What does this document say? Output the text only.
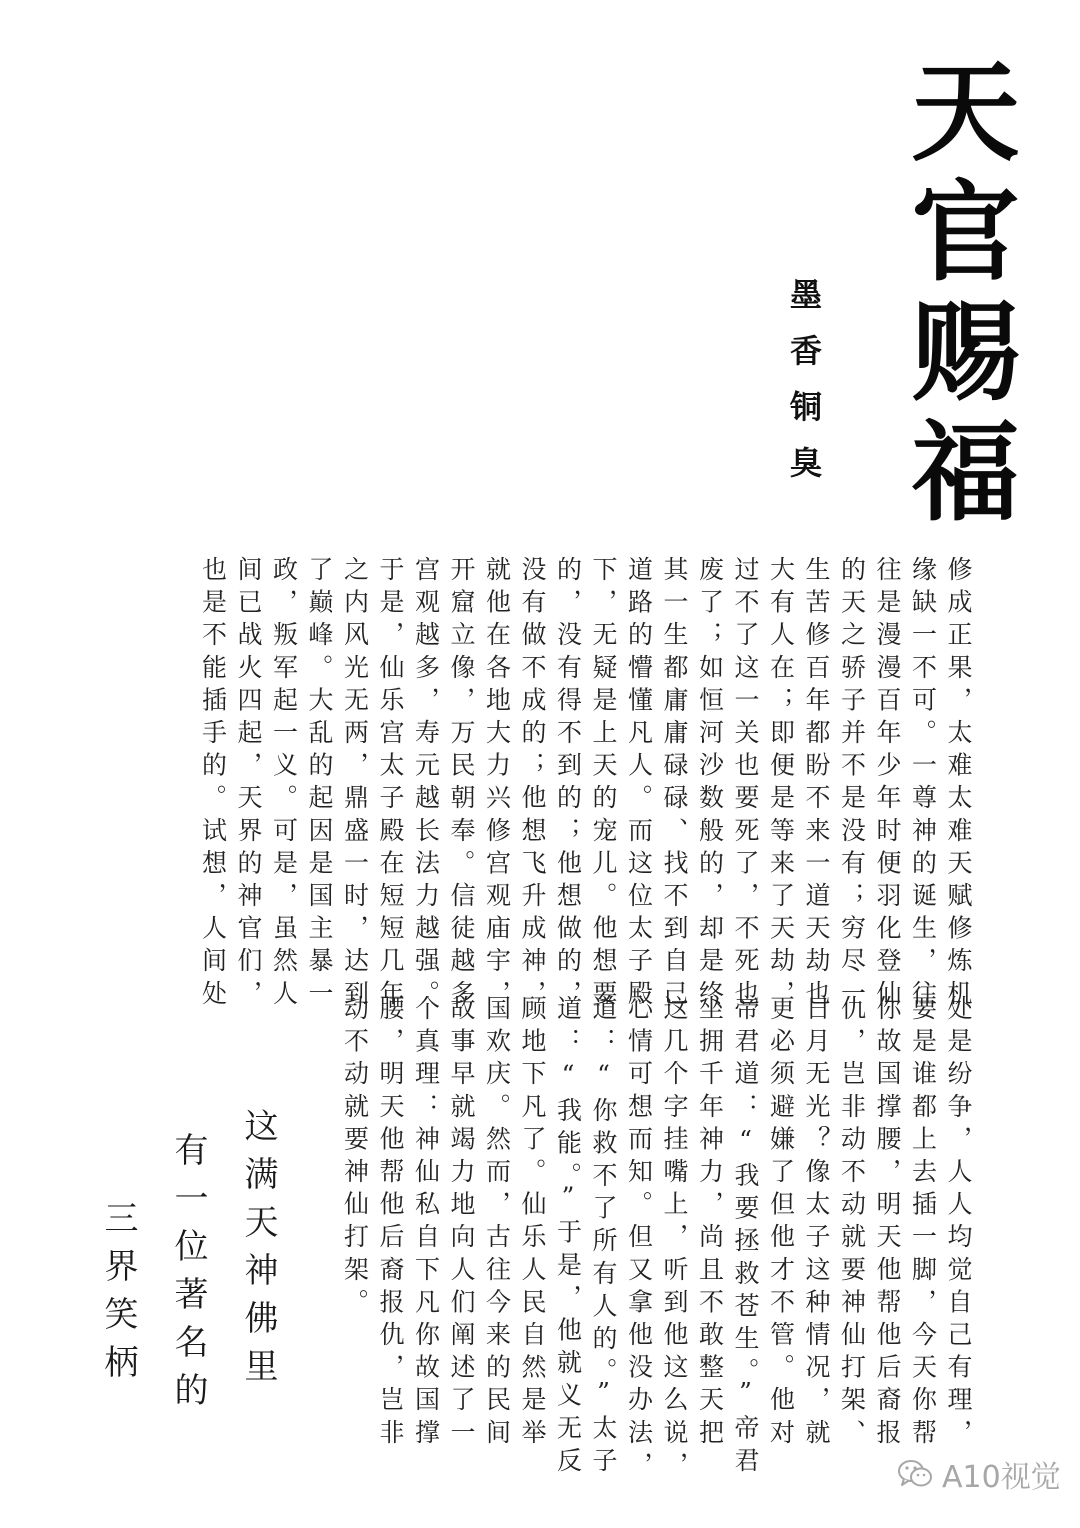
天官赐福
墨香铜臭
修成正果，太难太难天赋修炼机
缘缺一不可。一尊神的诞生，往
往是漫漫百年少年时便羽化登仙
的天之骄子并不是没有；穷尽一
生苦修百年都盼不来一道天劫也
大有人在；即便是等来了天劫，
过不了这一关也要死了，不死也
废了；如恒河沙数般的，却是终
其一生都庸庸碌碌、找不到自己
道路的懵懂凡人。而这位太子殿
下，无疑是上天的宠儿。他想要
的，没有得不到的；他想做的，
没有做不成的；他想飞升成神，
就他在各地大力兴修宫观庙宇，
开窟立像，万民朝奉。信徒越多
宫观越多，寿元越长法力越强。
于是，仙乐宫太子殿在短短几年
之内风光无两，鼎盛一时，达到
了巅峰。大乱的起因是国主暴一
政，叛军起一义。可是，虽然人
间已战火四起，天界的神官们，
也是不能插手的。试想，人间处
处是纷争，人人均觉自己有理，
要是谁都上去插一脚，今天你帮
你故国撑腰，明天他帮他后裔报
仇，岂非动不动就要神仙打架、
日月无光？像太子这种情况，就
更必须避嫌了但他才不管。他对
帝君道：“我要拯救苍生。”帝君
坐拥千年神力，尚且不敢整天把
这几个字挂嘴上，听到他这么说，
心情可想而知。但又拿他没办法，
道：“你救不了所有人的。”太子
道：“我能。”于是，他就义无反
顾地下凡了。仙乐人民自然是举
国欢庆。然而，古往今来的民间
故事早就竭力地向人们阐述了一
个真理：神仙私自下凡你故国撑
腰，明天他帮他后裔报仇，岂非
动不动就要神仙打架。
这满天神佛里
有一位著名的
三界笑柄
A10视觉
